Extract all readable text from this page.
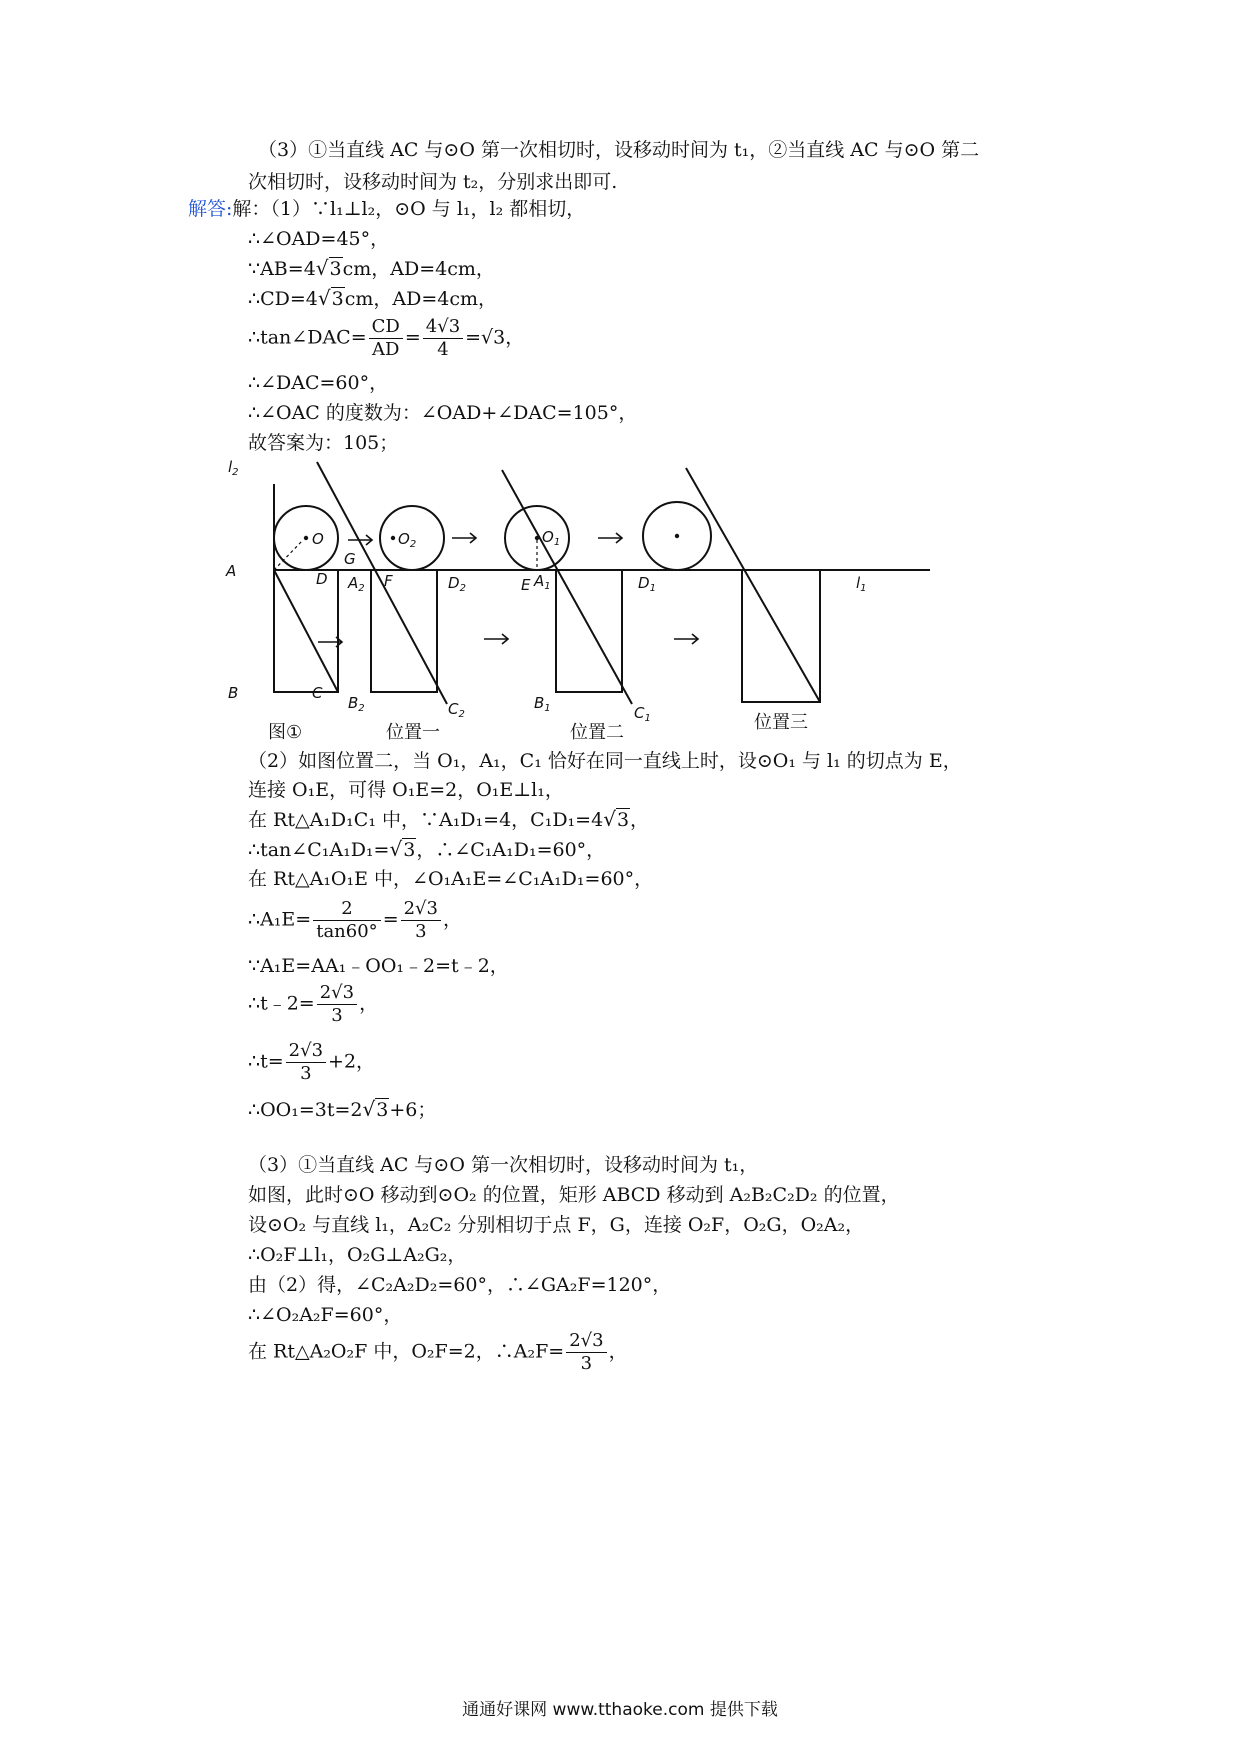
（3）①当直线 AC 与⊙O 第一次相切时，设移动时间为 t₁，②当直线 AC 与⊙O 第二
次相切时，设移动时间为 t₂，分别求出即可.
解答:解：（1）∵l₁⊥l₂，⊙O 与 l₁，l₂ 都相切，
∴∠OAD=45°，
∵AB=4√3cm，AD=4cm，
∴CD=4√3cm，AD=4cm，
∴tan∠DAC= $\frac{CD}{AD} = \frac{4√3}{4} =√3$，
∴∠DAC=60°，
∴∠OAC 的度数为：∠OAD+∠DAC=105°，
故答案为：105；
$l_2$
O
G
$O_2$	$O_1$
A	D $A_2$ F	$D_2$	E $A_1$	$D_1$	$l_1$
B	C
$B_2$	$C_2$
$B_1$	$C_1$
图①	位置一	位置二	位置三
（2）如图位置二，当 O₁，A₁，C₁ 恰好在同一直线上时，设⊙O₁ 与 l₁ 的切点为 E，
连接 O₁E，可得 O₁E=2，O₁E⊥l₁，
在 Rt△A₁D₁C₁ 中，∵A₁D₁=4，C₁D₁=4√3，
∴tan∠C₁A₁D₁=√3，∴∠C₁A₁D₁=60°，
在 Rt△A₁O₁E 中，∠O₁A₁E=∠C₁A₁D₁=60°，
∴A₁E= $\frac{2}{\tan 60^\circ} = \frac{2√3}{3}$ ，
∵A₁E=AA₁﹣OO₁﹣2=t﹣2，
∴t﹣2= $\frac{2√3}{3}$ ，
∴t= $\frac{2√3}{3} +2$，
∴OO₁=3t=2√3+6；
（3）①当直线 AC 与⊙O 第一次相切时，设移动时间为 t₁，
如图，此时⊙O 移动到⊙O₂ 的位置，矩形 ABCD 移动到 A₂B₂C₂D₂ 的位置，
设⊙O₂ 与直线 l₁，A₂C₂ 分别相切于点 F，G，连接 O₂F，O₂G，O₂A₂，
∴O₂F⊥l₁，O₂G⊥A₂G₂，
由（2）得，∠C₂A₂D₂=60°，∴∠GA₂F=120°，
∴∠O₂A₂F=60°，
在 Rt△A₂O₂F 中，O₂F=2，∴A₂F= $\frac{2√3}{3}$ ，
通通好课网 www.tthaoke.com 提供下载
